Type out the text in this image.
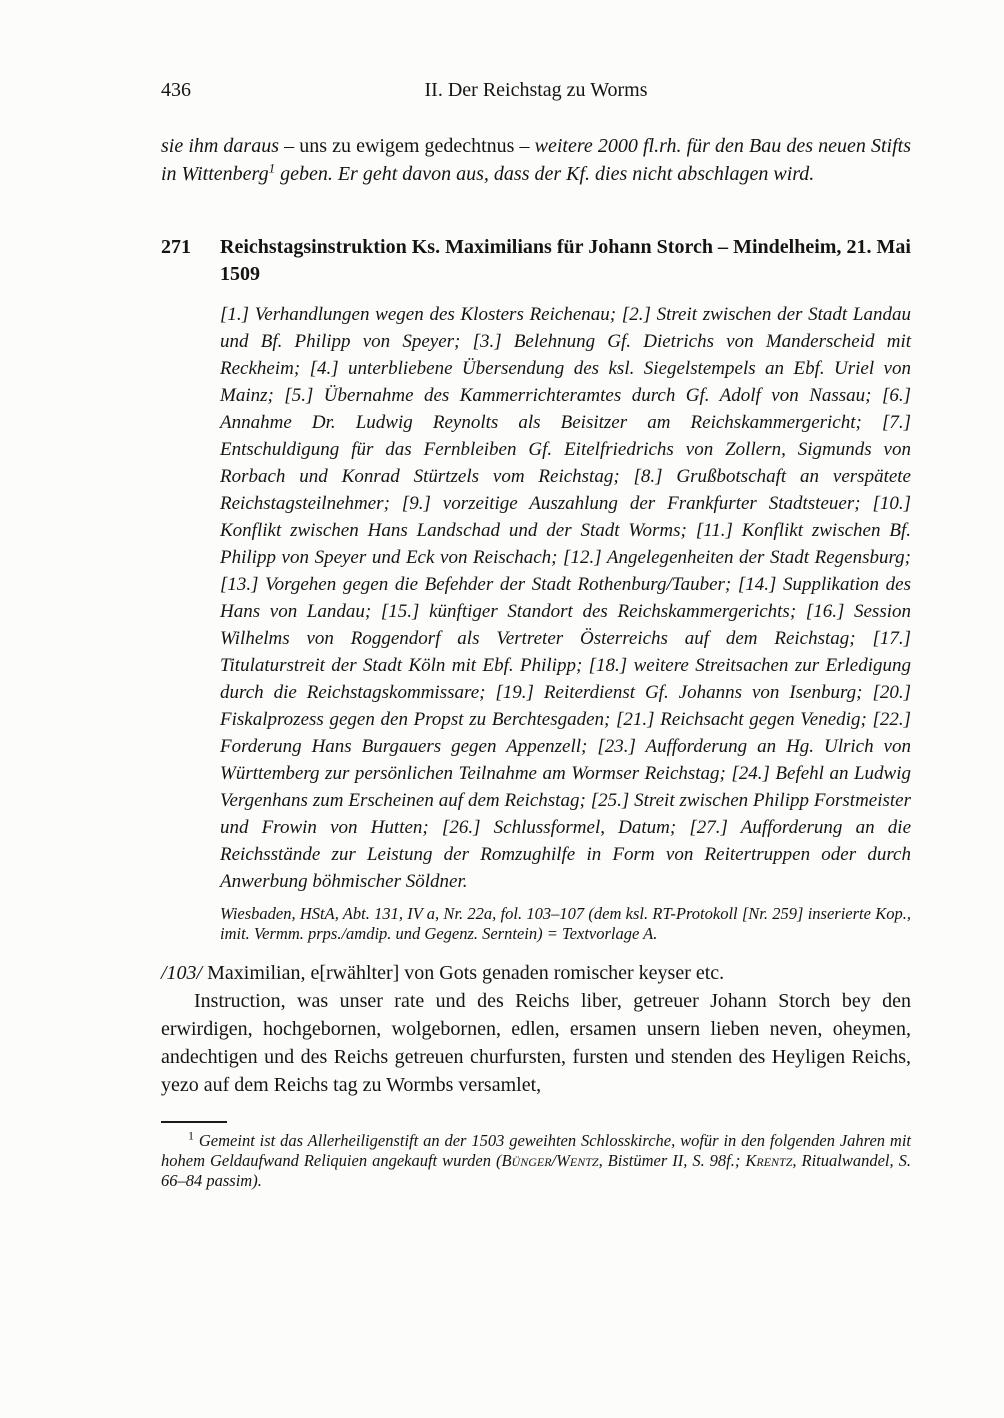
436	II. Der Reichstag zu Worms

sie ihm daraus – uns zu ewigem gedechtnus – weitere 2000 fl.rh. für den Bau des neuen Stifts in Wittenberg$^1$ geben. Er geht davon aus, dass der Kf. dies nicht abschlagen wird.

271	Reichstagsinstruktion Ks. Maximilians für Johann Storch – Mindelheim, 21. Mai 1509

[1.] Verhandlungen wegen des Klosters Reichenau; [2.] Streit zwischen der Stadt Landau und Bf. Philipp von Speyer; [3.] Belehnung Gf. Dietrichs von Manderscheid mit Reckheim; [4.] unterbliebene Übersendung des ksl. Siegelstempels an Ebf. Uriel von Mainz; [5.] Übernahme des Kammerrichteramtes durch Gf. Adolf von Nassau; [6.] Annahme Dr. Ludwig Reynolts als Beisitzer am Reichskammergericht; [7.] Entschuldigung für das Fernbleiben Gf. Eitelfriedrichs von Zollern, Sigmunds von Rorbach und Konrad Stürtzels vom Reichstag; [8.] Grußbotschaft an verspätete Reichstagsteilnehmer; [9.] vorzeitige Auszahlung der Frankfurter Stadtsteuer; [10.] Konflikt zwischen Hans Landschad und der Stadt Worms; [11.] Konflikt zwischen Bf. Philipp von Speyer und Eck von Reischach; [12.] Angelegenheiten der Stadt Regensburg; [13.] Vorgehen gegen die Befehder der Stadt Rothenburg/Tauber; [14.] Supplikation des Hans von Landau; [15.] künftiger Standort des Reichskammergerichts; [16.] Session Wilhelms von Roggendorf als Vertreter Österreichs auf dem Reichstag; [17.] Titulaturstreit der Stadt Köln mit Ebf. Philipp; [18.] weitere Streitsachen zur Erledigung durch die Reichstagskommissare; [19.] Reiterdienst Gf. Johanns von Isenburg; [20.] Fiskalprozess gegen den Propst zu Berchtesgaden; [21.] Reichsacht gegen Venedig; [22.] Forderung Hans Burgauers gegen Appenzell; [23.] Aufforderung an Hg. Ulrich von Württemberg zur persönlichen Teilnahme am Wormser Reichstag; [24.] Befehl an Ludwig Vergenhans zum Erscheinen auf dem Reichstag; [25.] Streit zwischen Philipp Forstmeister und Frowin von Hutten; [26.] Schlussformel, Datum; [27.] Aufforderung an die Reichsstände zur Leistung der Romzughilfe in Form von Reitertruppen oder durch Anwerbung böhmischer Söldner.

Wiesbaden, HStA, Abt. 131, IV a, Nr. 22a, fol. 103–107 (dem ksl. RT-Protokoll [Nr. 259] inserierte Kop., imit. Vermm. prps./amdip. und Gegenz. Serntein) = Textvorlage A.

/103/ Maximilian, e[rwählter] von Gots genaden romischer keyser etc.

Instruction, was unser rate und des Reichs liber, getreuer Johann Storch bey den erwirdigen, hochgebornen, wolgebornen, edlen, ersamen unsern lieben neven, oheymen, andechtigen und des Reichs getreuen churfursten, fursten und stenden des Heyligen Reichs, yezo auf dem Reichs tag zu Wormbs versamlet,

$^1$ Gemeint ist das Allerheiligenstift an der 1503 geweihten Schlosskirche, wofür in den folgenden Jahren mit hohem Geldaufwand Reliquien angekauft wurden (Bünger/Wentz, Bistümer II, S. 98f.; Krentz, Ritualwandel, S. 66–84 passim).
